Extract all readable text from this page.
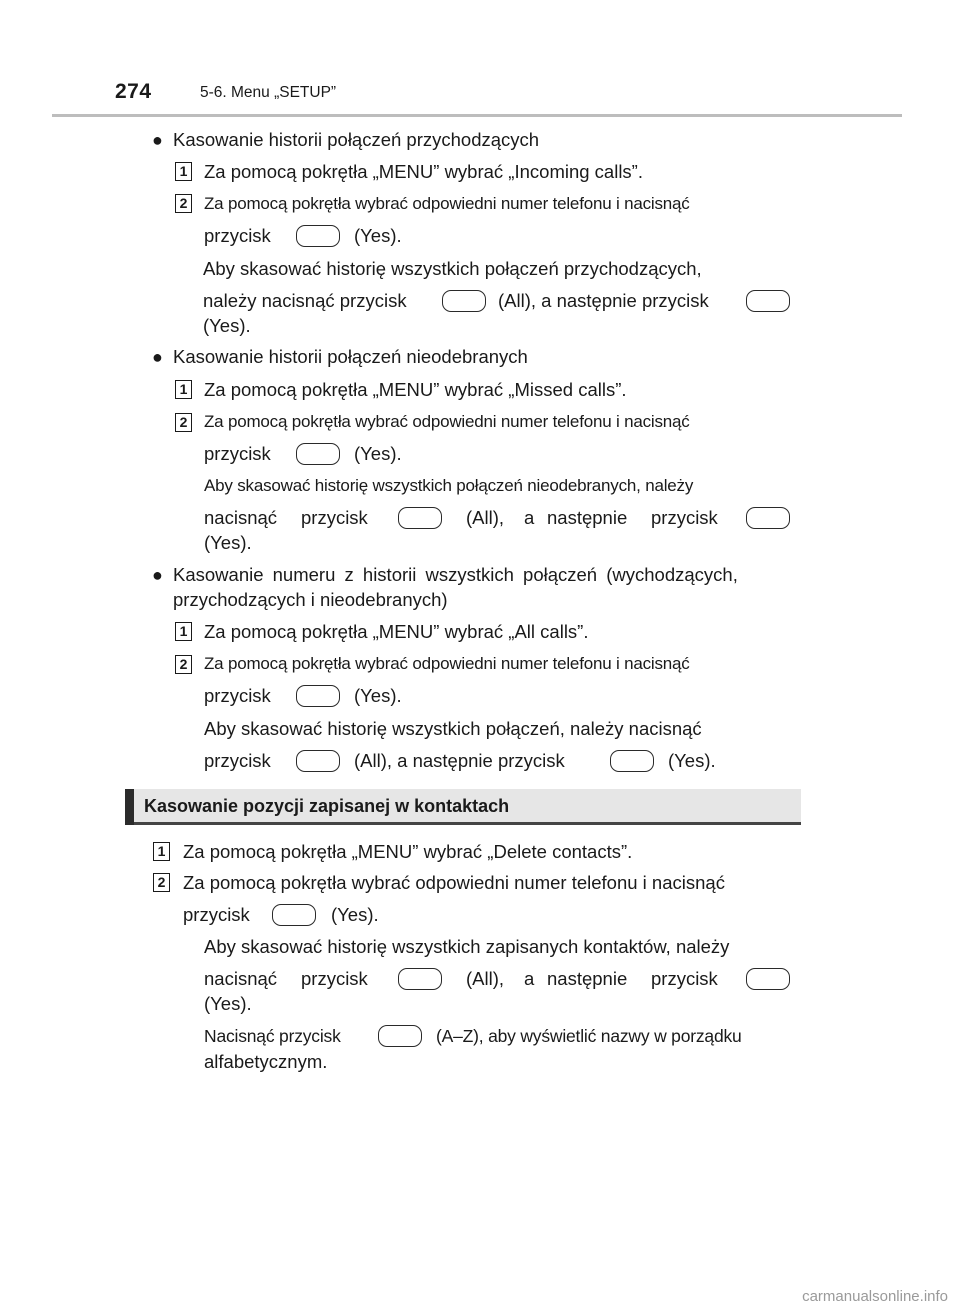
274	5-6. Menu „SETUP”
● Kasowanie historii połączeń przychodzących
1 Za pomocą pokrętła „MENU” wybrać „Incoming calls”.
2 Za pomocą pokrętła wybrać odpowiedni numer telefonu i nacisnąć
przycisk	(Yes).
Aby skasować historię wszystkich połączeń przychodzących,
należy nacisnąć przycisk	(All), a następnie przycisk
(Yes).
● Kasowanie historii połączeń nieodebranych
1 Za pomocą pokrętła „MENU” wybrać „Missed calls”.
2 Za pomocą pokrętła wybrać odpowiedni numer telefonu i nacisnąć
przycisk	(Yes).
Aby skasować historię wszystkich połączeń nieodebranych, należy
nacisnąć przycisk	(All), a następnie przycisk
(Yes).
● Kasowanie numeru z historii wszystkich połączeń (wychodzących,
przychodzących i nieodebranych)
1 Za pomocą pokrętła „MENU” wybrać „All calls”.
2 Za pomocą pokrętła wybrać odpowiedni numer telefonu i nacisnąć
przycisk	(Yes).
Aby skasować historię wszystkich połączeń, należy nacisnąć
przycisk	(All), a następnie przycisk	(Yes).
Kasowanie pozycji zapisanej w kontaktach
1 Za pomocą pokrętła „MENU” wybrać „Delete contacts”.
2 Za pomocą pokrętła wybrać odpowiedni numer telefonu i nacisnąć
przycisk	(Yes).
Aby skasować historię wszystkich zapisanych kontaktów, należy
nacisnąć przycisk	(All), a następnie przycisk
(Yes).
Nacisnąć przycisk	(A–Z), aby wyświetlić nazwy w porządku
alfabetycznym.
carmanualsonline.info
